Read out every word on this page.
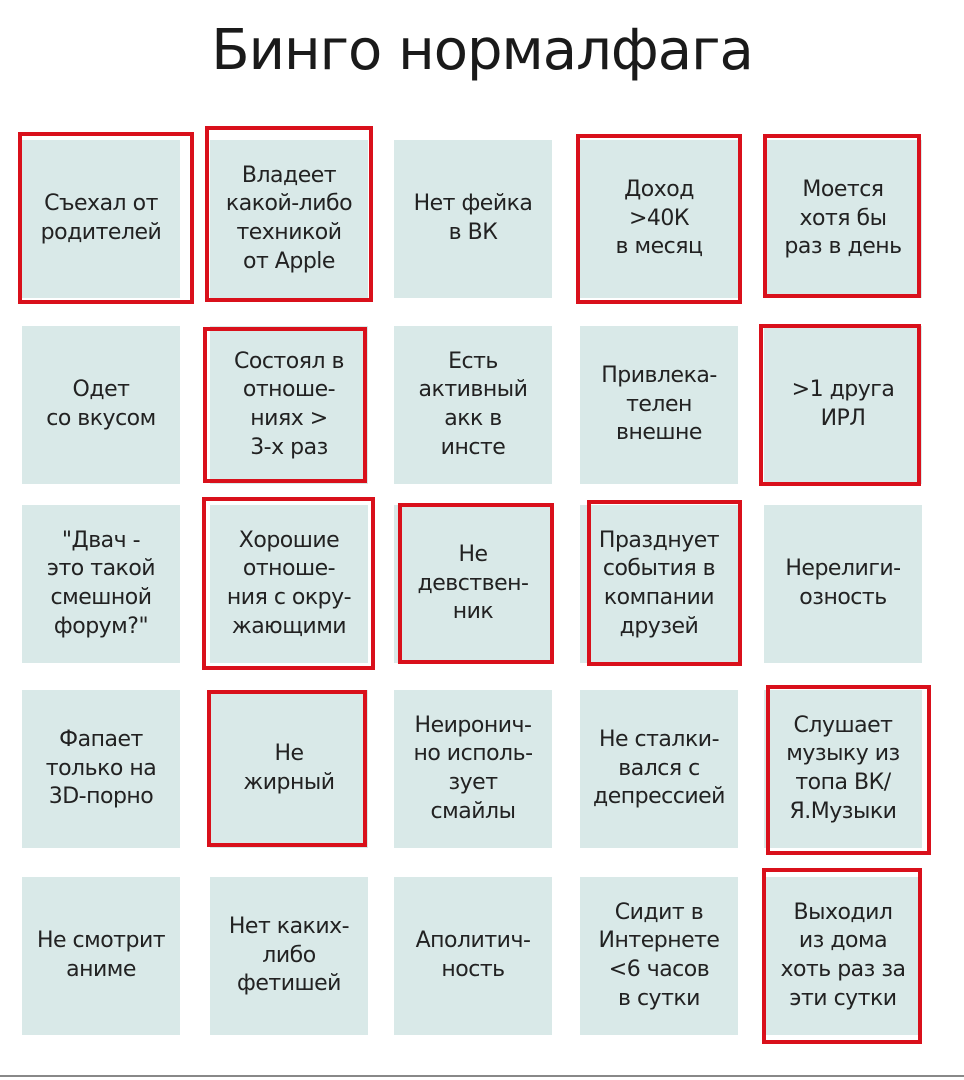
Бинго нормалфага
Съехал от
родителей
Владеет
какой-либо
техникой
от Apple
Нет фейка
в ВК
Доход
>40К
в месяц
Моется
хотя бы
раз в день
Одет
со вкусом
Состоял в
отноше-
ниях >
3-х раз
Есть
активный
акк в
инсте
Привлека-
телен
внешне
>1 друга
ИРЛ
"Двач -
это такой
смешной
форум?"
Хорошие
отноше-
ния с окру-
жающими
Не
девствен-
ник
Празднует
события в
компании
друзей
Нерелиги-
озность
Фапает
только на
3D-порно
Не
жирный
Неиронич-
но исполь-
зует
смайлы
Не сталки-
вался с
депрессией
Слушает
музыку из
топа ВК/
Я.Музыки
Не смотрит
аниме
Нет каких-
либо
фетишей
Аполитич-
ность
Сидит в
Интернете
<6 часов
в сутки
Выходил
из дома
хоть раз за
эти сутки
